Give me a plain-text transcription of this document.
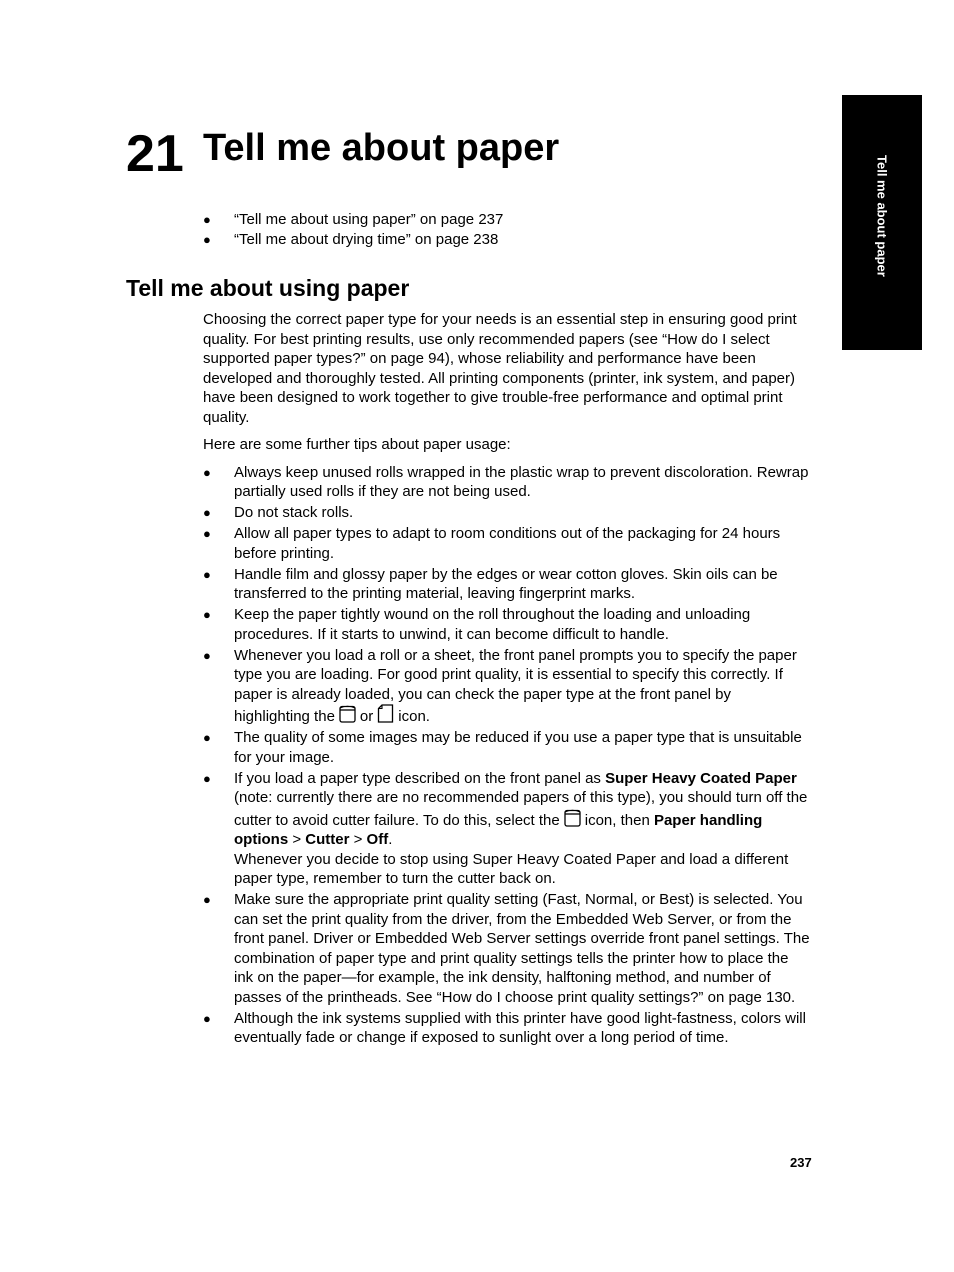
Tell me about paper
21 Tell me about paper
● “Tell me about using paper” on page 237
● “Tell me about drying time” on page 238
Tell me about using paper

Choosing the correct paper type for your needs is an essential step in ensuring good print quality. For best printing results, use only recommended papers (see “How do I select supported paper types?” on page 94), whose reliability and performance have been developed and thoroughly tested. All printing components (printer, ink system, and paper) have been designed to work together to give trouble-free performance and optimal print quality.

Here are some further tips about paper usage:

● Always keep unused rolls wrapped in the plastic wrap to prevent discoloration. Rewrap partially used rolls if they are not being used.
● Do not stack rolls.
● Allow all paper types to adapt to room conditions out of the packaging for 24 hours before printing.
● Handle film and glossy paper by the edges or wear cotton gloves. Skin oils can be transferred to the printing material, leaving fingerprint marks.
● Keep the paper tightly wound on the roll throughout the loading and unloading procedures. If it starts to unwind, it can become difficult to handle.
● Whenever you load a roll or a sheet, the front panel prompts you to specify the paper type you are loading. For good print quality, it is essential to specify this correctly. If paper is already loaded, you can check the paper type at the front panel by highlighting the or icon.
● The quality of some images may be reduced if you use a paper type that is unsuitable for your image.
● If you load a paper type described on the front panel as Super Heavy Coated Paper (note: currently there are no recommended papers of this type), you should turn off the cutter to avoid cutter failure. To do this, select the icon, then Paper handling options > Cutter > Off.
Whenever you decide to stop using Super Heavy Coated Paper and load a different paper type, remember to turn the cutter back on.
● Make sure the appropriate print quality setting (Fast, Normal, or Best) is selected. You can set the print quality from the driver, from the Embedded Web Server, or from the front panel. Driver or Embedded Web Server settings override front panel settings. The combination of paper type and print quality settings tells the printer how to place the ink on the paper—for example, the ink density, halftoning method, and number of passes of the printheads. See “How do I choose print quality settings?” on page 130.
● Although the ink systems supplied with this printer have good light-fastness, colors will eventually fade or change if exposed to sunlight over a long period of time.
237
